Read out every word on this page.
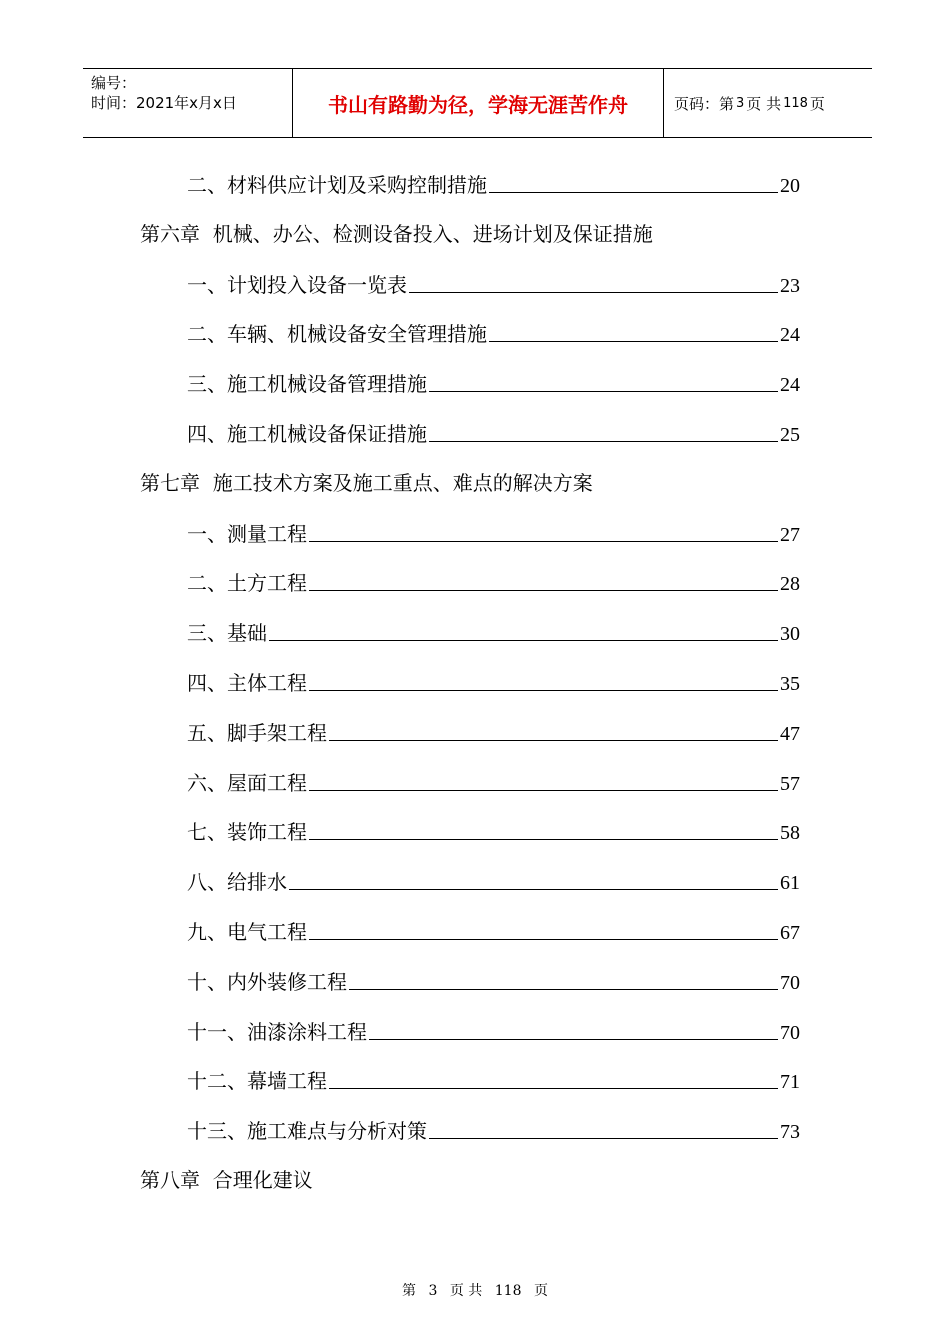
编号：
时间：2021年x月x日	书山有路勤为径，学海无涯苦作舟	页码：第 3 页 共 118 页
二、材料供应计划及采购控制措施	20
第六章  机械、办公、检测设备投入、进场计划及保证措施
一、计划投入设备一览表	23
二、车辆、机械设备安全管理措施	24
三、施工机械设备管理措施	24
四、施工机械设备保证措施	25
第七章  施工技术方案及施工重点、难点的解决方案
一、测量工程	27
二、土方工程	28
三、基础	30
四、主体工程	35
五、脚手架工程	47
六、屋面工程	57
七、装饰工程	58
八、给排水	61
九、电气工程	67
十、内外装修工程	70
十一、油漆涂料工程	70
十二、幕墙工程	71
十三、施工难点与分析对策	73
第八章  合理化建议
第 3 页 共 118 页
